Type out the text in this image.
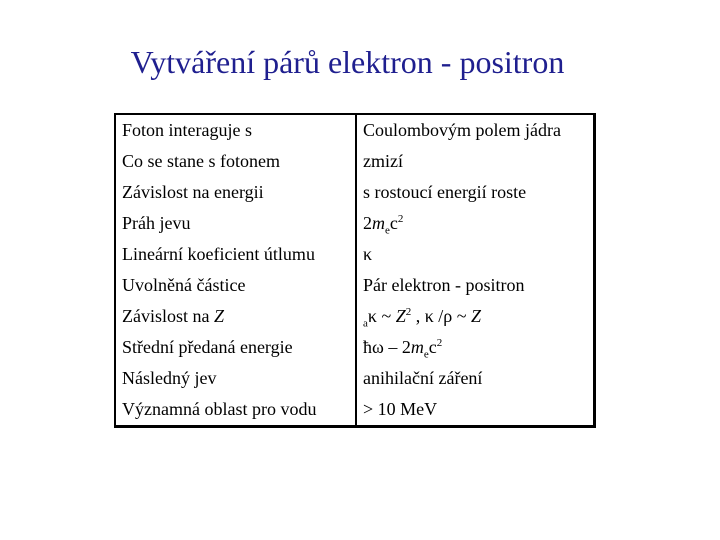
Vytváření párů elektron - positron
Foton interaguje s	Coulombovým polem jádra
Co se stane s fotonem	zmizí
Závislost na energii	s rostoucí energií roste
Práh jevu	$2m_ec^2$
Lineární koeficient útlumu	κ
Uvolněná částice	Pár elektron - positron
Závislost na Z	$_a$κ ~ $Z^2$ , κ /ρ ~ Z
Střední předaná energie	ħω – $2m_ec^2$
Následný jev	anihilační záření
Významná oblast pro vodu	> 10 MeV
